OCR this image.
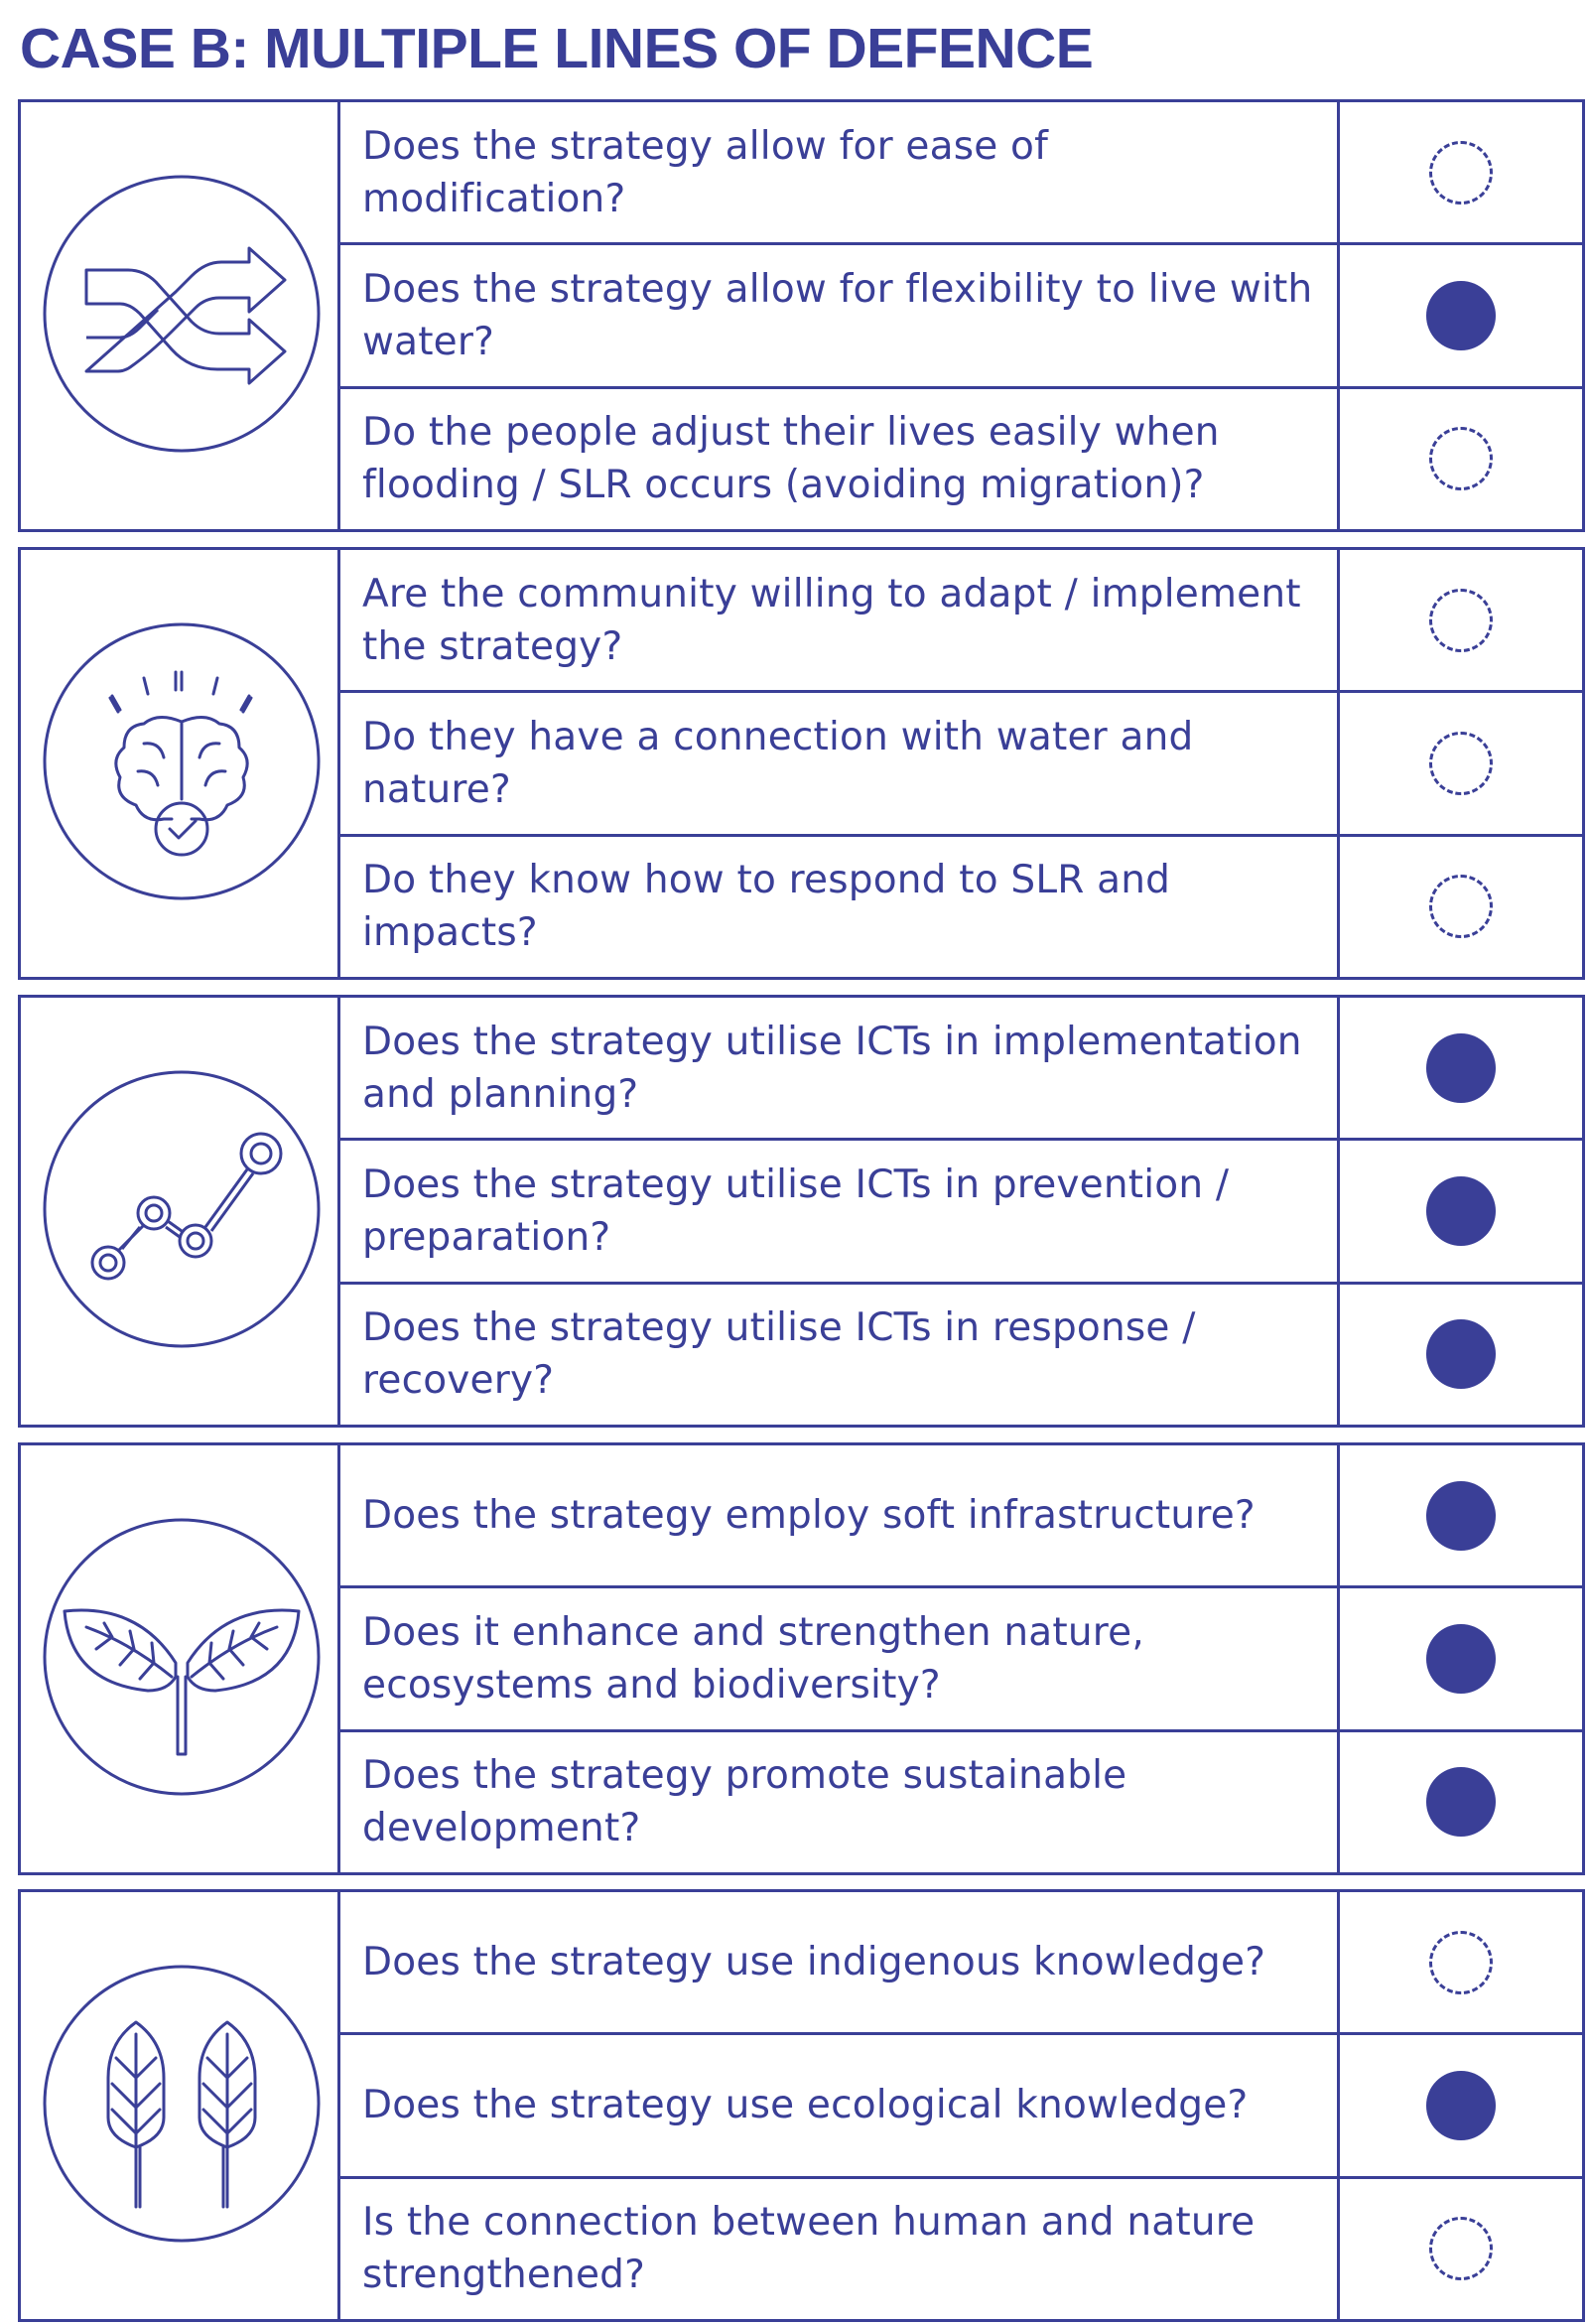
CASE B: MULTIPLE LINES OF DEFENCE
Does the strategy allow for ease of modification?
Does the strategy allow for flexibility to live with water?
Do the people adjust their lives easily when flooding / SLR occurs (avoiding migration)?
Are the community willing to adapt / implement the strategy?
Do they have a connection with water and nature?
Do they know how to respond to SLR and impacts?
Does the strategy utilise ICTs in implementation and planning?
Does the strategy utilise ICTs in prevention / preparation?
Does the strategy utilise ICTs in response / recovery?
Does the strategy employ soft infrastructure?
Does it enhance and strengthen nature, ecosystems and biodiversity?
Does the strategy promote sustainable development?
Does the strategy use indigenous knowledge?
Does the strategy use ecological knowledge?
Is the connection between human and nature strengthened?
